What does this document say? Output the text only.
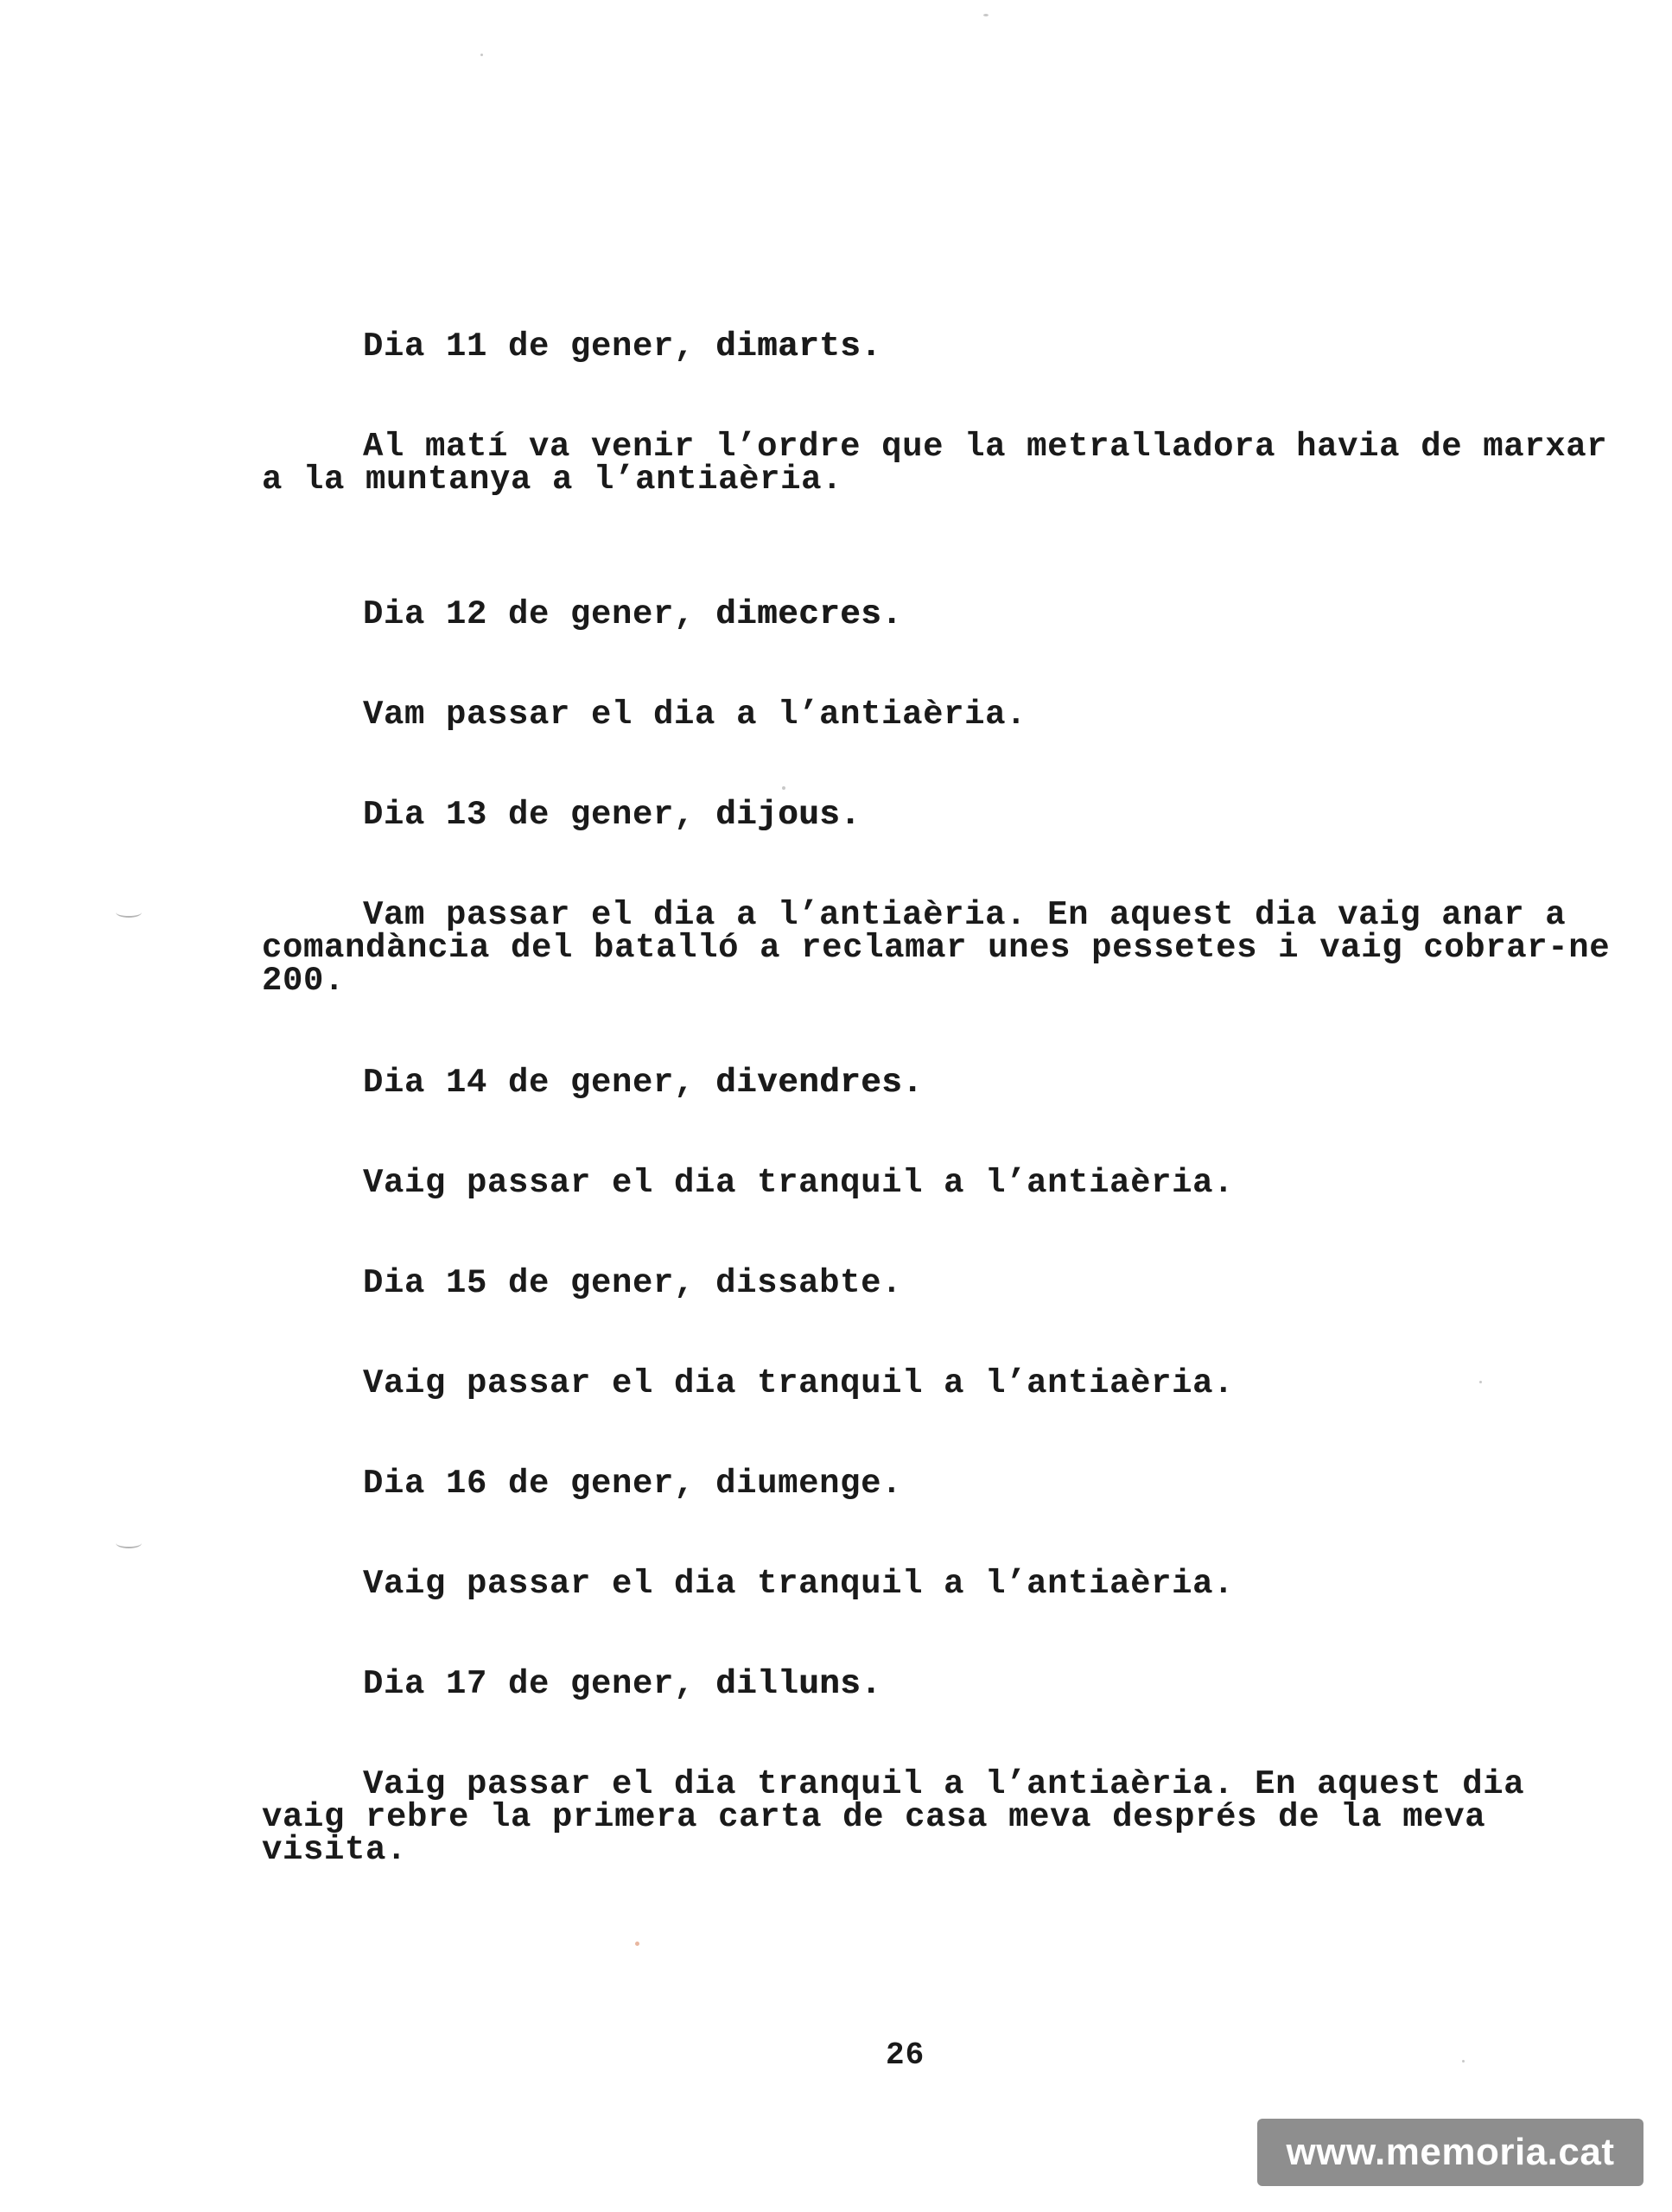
Dia 11 de gener, dimarts.
Al matí va venir l’ordre que la metralladora havia de marxar
a la muntanya a l’antiaèria.
Dia 12 de gener, dimecres.
Vam passar el dia a l’antiaèria.
Dia 13 de gener, dijous.
Vam passar el dia a l’antiaèria. En aquest dia vaig anar a
comandància del batalló a reclamar unes pessetes i vaig cobrar-ne
200.
Dia 14 de gener, divendres.
Vaig passar el dia tranquil a l’antiaèria.
Dia 15 de gener, dissabte.
Vaig passar el dia tranquil a l’antiaèria.
Dia 16 de gener, diumenge.
Vaig passar el dia tranquil a l’antiaèria.
Dia 17 de gener, dilluns.
Vaig passar el dia tranquil a l’antiaèria. En aquest dia
vaig rebre la primera carta de casa meva després de la meva
visita.
26
www.memoria.cat
